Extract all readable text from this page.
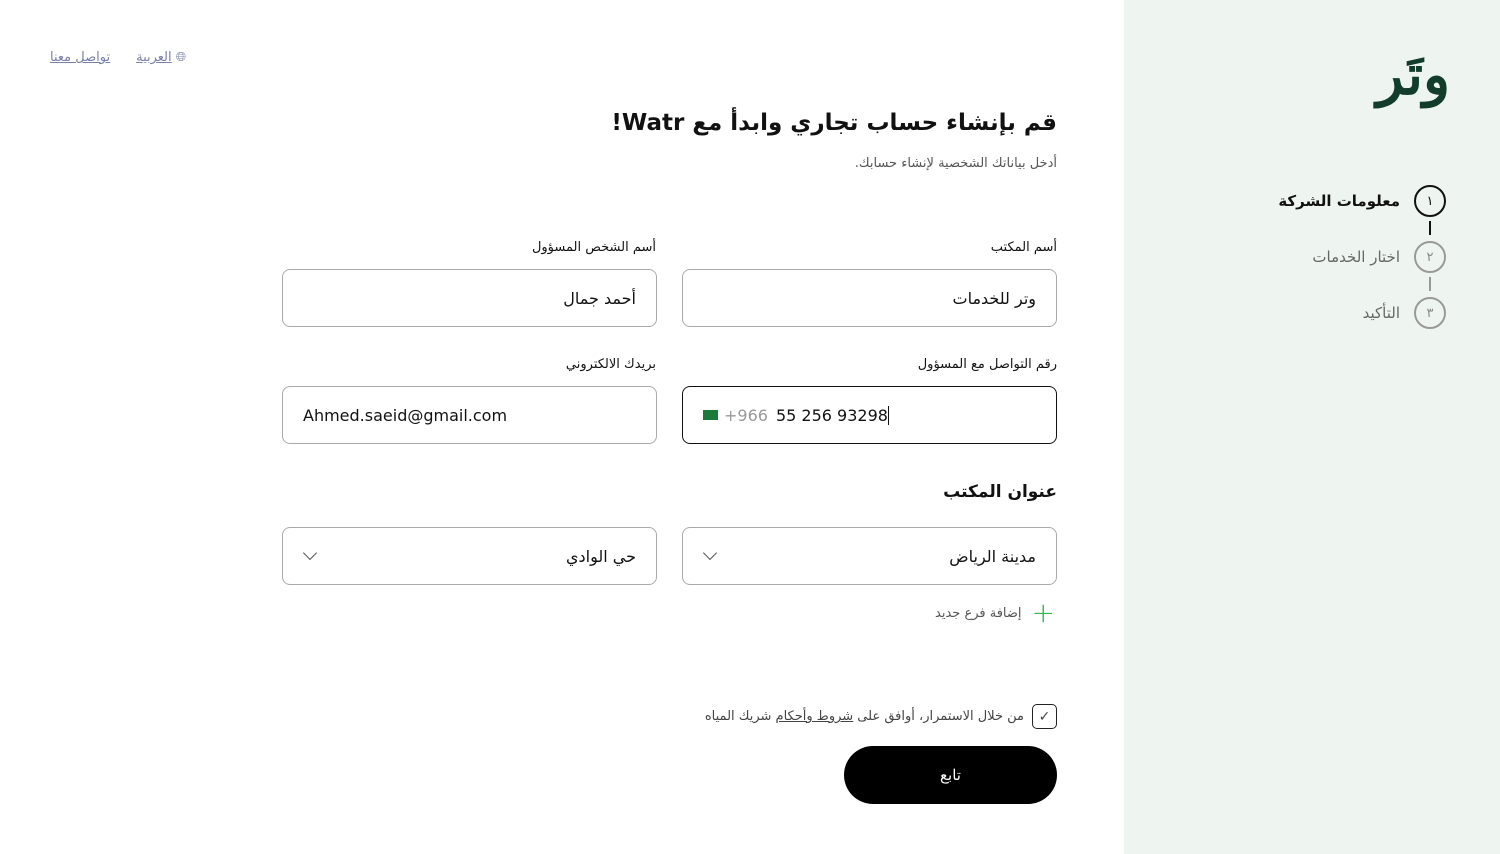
وتَر
١
معلومات الشركة
٢
اختار الخدمات
٣
التأكيد
تواصل معنا العربية 🌐︎
قم بإنشاء حساب تجاري وابدأ مع Watr!
أدخل بياناتك الشخصية لإنشاء حسابك.
أسم المكتب
وتر للخدمات
أسم الشخص المسؤول
أحمد جمال
رقم التواصل مع المسؤول
+966 55 256 93298
بريدك الالكتروني
Ahmed.saeid@gmail.com
عنوان المكتب
مدينة الرياض
حي الوادي
+
إضافة فرع جديد
✓
من خلال الاستمرار، أوافق على شروط وأحكام شريك المياه
تابع
